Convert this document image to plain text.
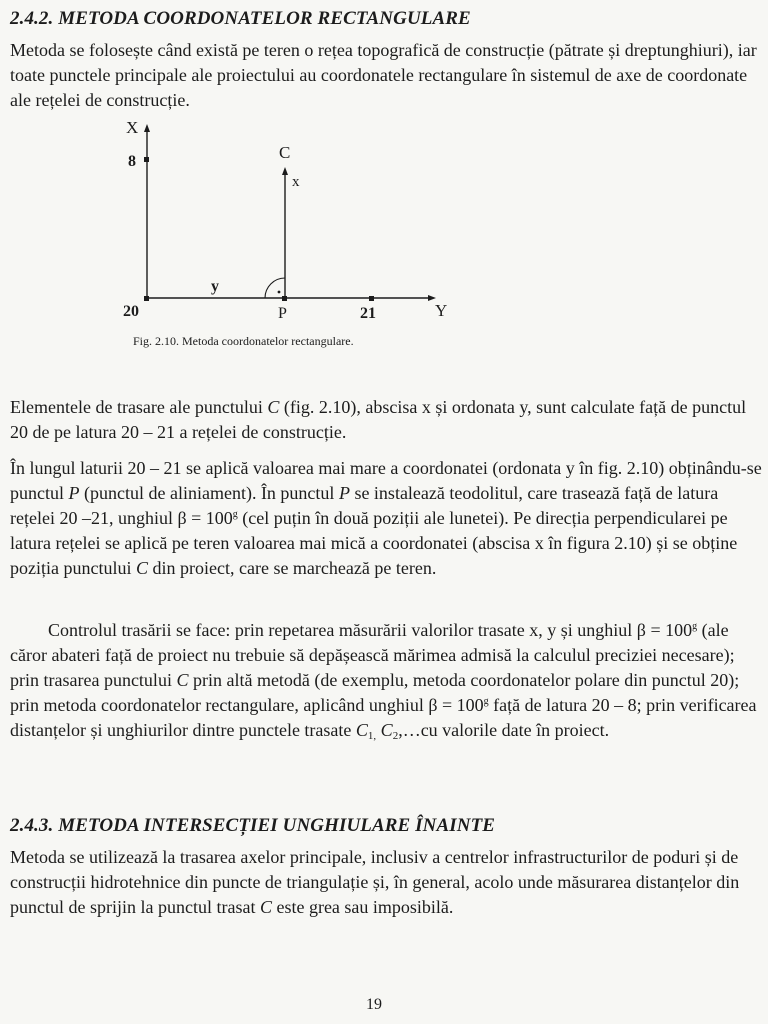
2.4.2. METODA COORDONATELOR RECTANGULARE

Metoda se folosește când există pe teren o rețea topografică de construcție (pătrate și dreptunghiuri), iar toate punctele principale ale proiectului au coordonatele rectangulare în sistemul de axe de coordonate ale rețelei de construcție.

X
8
20	P	21	Y
C
x
y
Fig. 2.10. Metoda coordonatelor rectangulare.

Elementele de trasare ale punctului C (fig. 2.10), abscisa x și ordonata y, sunt calculate față de punctul 20 de pe latura 20 – 21 a rețelei de construcție.

În lungul laturii 20 – 21 se aplică valoarea mai mare a coordonatei (ordonata y în fig. 2.10) obținându-se punctul P (punctul de aliniament). În punctul P se instalează teodolitul, care trasează față de latura rețelei 20 –21, unghiul $\beta = 100^g$ (cel puțin în două poziții ale lunetei). Pe direcția perpendicularei pe latura rețelei se aplică pe teren valoarea mai mică a coordonatei (abscisa x în figura 2.10) și se obține poziția punctului C din proiect, care se marchează pe teren.

Controlul trasării se face: prin repetarea măsurării valorilor trasate x, y și unghiul $\beta = 100^g$ (ale căror abateri față de proiect nu trebuie să depășească mărimea admisă la calculul preciziei necesare); prin trasarea punctului C prin altă metodă (de exemplu, metoda coordonatelor polare din punctul 20); prin metoda coordonatelor rectangulare, aplicând unghiul $\beta = 100^g$ față de latura 20 – 8; prin verificarea distanțelor și unghiurilor dintre punctele trasate $C_{1,}$ $C_2,\dots cu$ valorile date în proiect.

2.4.3. METODA INTERSECȚIEI UNGHIULARE ÎNAINTE

Metoda se utilizează la trasarea axelor principale, inclusiv a centrelor infrastructurilor de poduri și de construcții hidrotehnice din puncte de triangulație și, în general, acolo unde măsurarea distanțelor din punctul de sprijin la punctul trasat C este grea sau imposibilă.

19
